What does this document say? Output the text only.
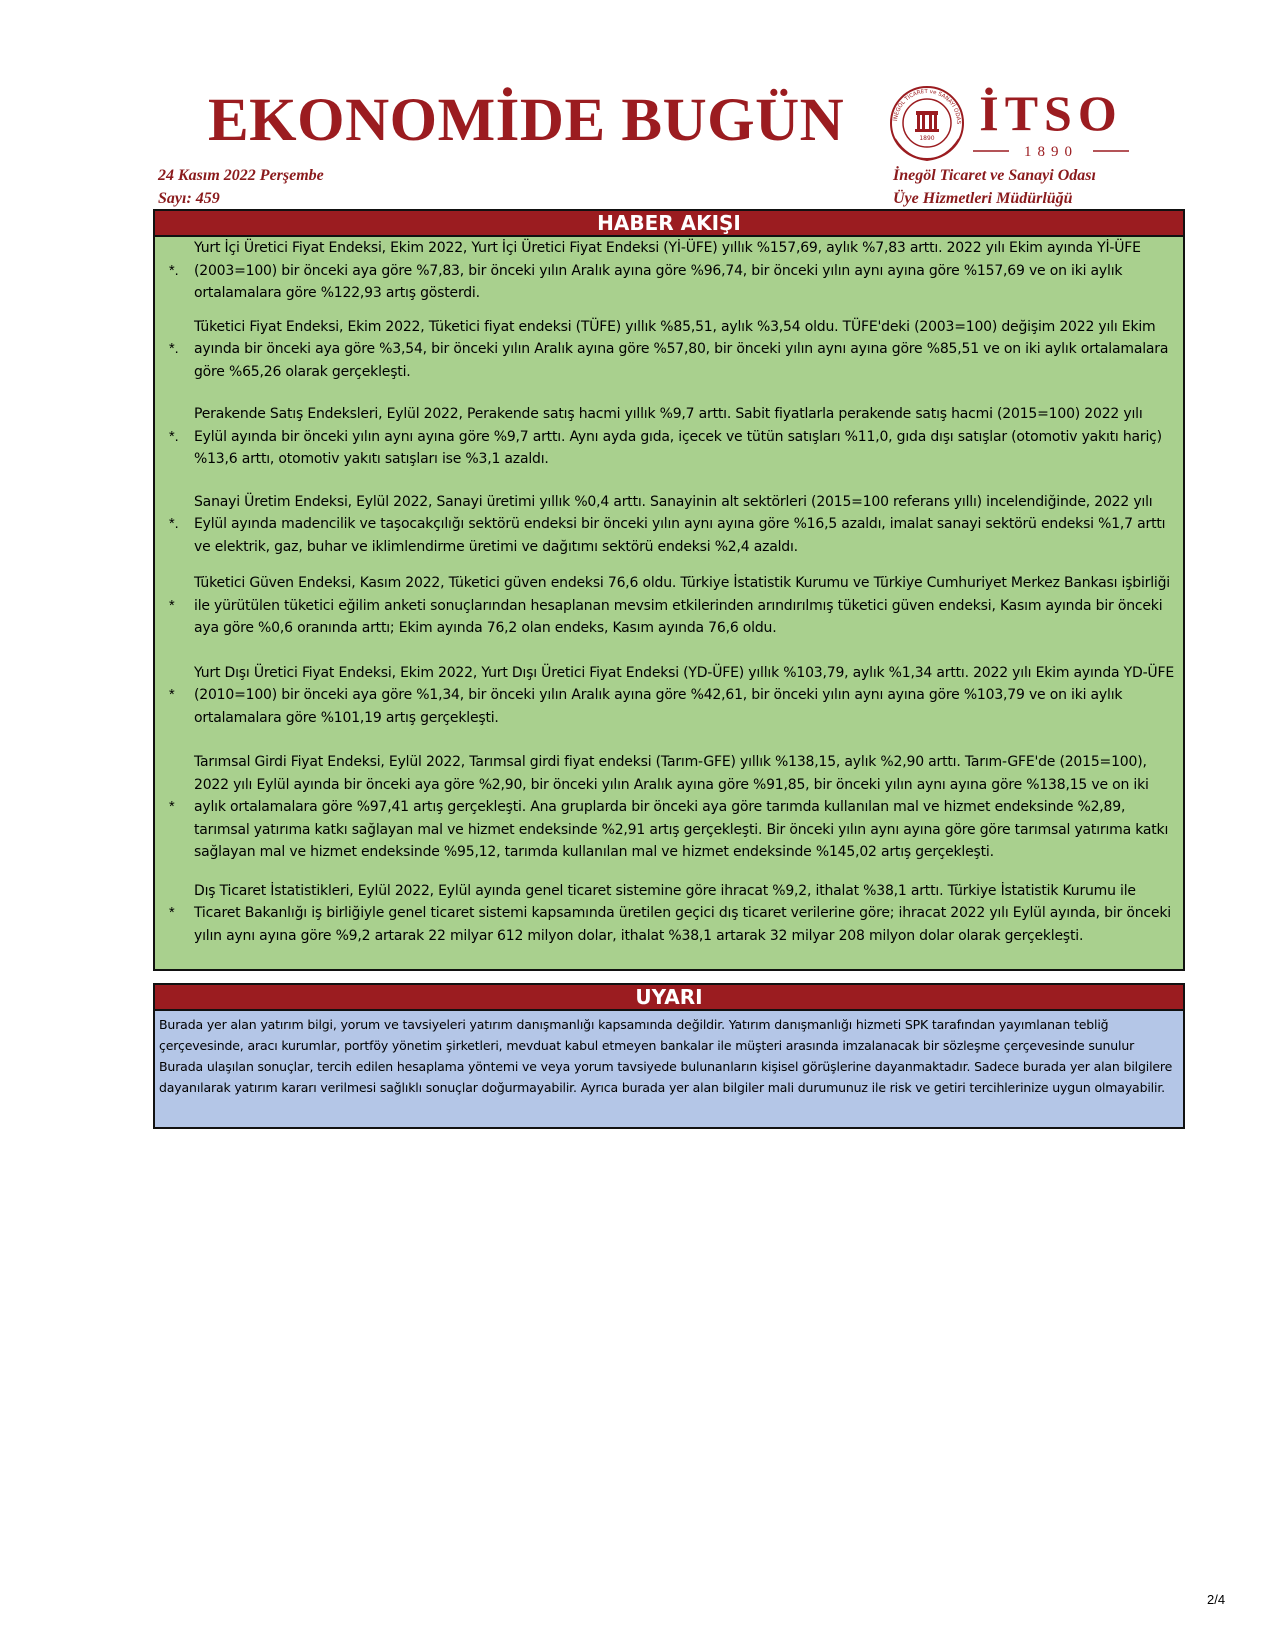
EKONOMİDE BUGÜN	İNEGÖL TİCARET ve SANAYİ ODAS
1890 İTSO
1890
24 Kasım 2022 Perşembe
Sayı: 459
İnegöl Ticaret ve Sanayi Odası
Üye Hizmetleri Müdürlüğü
HABER AKIŞI
*.
Yurt İçi Üretici Fiyat Endeksi, Ekim 2022, Yurt İçi Üretici Fiyat Endeksi (Yİ-ÜFE) yıllık %157,69, aylık %7,83 arttı. 2022 yılı Ekim ayında Yİ-ÜFE (2003=100) bir önceki aya göre %7,83, bir önceki yılın Aralık ayına göre %96,74, bir önceki yılın aynı ayına göre %157,69 ve on iki aylık ortalamalara göre %122,93 artış gösterdi.
*.
Tüketici Fiyat Endeksi, Ekim 2022, Tüketici fiyat endeksi (TÜFE) yıllık %85,51, aylık %3,54 oldu. TÜFE'deki (2003=100) değişim 2022 yılı Ekim ayında bir önceki aya göre %3,54, bir önceki yılın Aralık ayına göre %57,80, bir önceki yılın aynı ayına göre %85,51 ve on iki aylık ortalamalara göre %65,26 olarak gerçekleşti.
*.
Perakende Satış Endeksleri, Eylül 2022, Perakende satış hacmi yıllık %9,7 arttı. Sabit fiyatlarla perakende satış hacmi (2015=100) 2022 yılı Eylül ayında bir önceki yılın aynı ayına göre %9,7 arttı. Aynı ayda gıda, içecek ve tütün satışları %11,0, gıda dışı satışlar (otomotiv yakıtı hariç) %13,6 arttı, otomotiv yakıtı satışları ise %3,1 azaldı.
*.
Sanayi Üretim Endeksi, Eylül 2022, Sanayi üretimi yıllık %0,4 arttı. Sanayinin alt sektörleri (2015=100 referans yıllı) incelendiğinde, 2022 yılı Eylül ayında madencilik ve taşocakçılığı sektörü endeksi bir önceki yılın aynı ayına göre %16,5 azaldı, imalat sanayi sektörü endeksi %1,7 arttı ve elektrik, gaz, buhar ve iklimlendirme üretimi ve dağıtımı sektörü endeksi %2,4 azaldı.
*
Tüketici Güven Endeksi, Kasım 2022, Tüketici güven endeksi 76,6 oldu. Türkiye İstatistik Kurumu ve Türkiye Cumhuriyet Merkez Bankası işbirliği ile yürütülen tüketici eğilim anketi sonuçlarından hesaplanan mevsim etkilerinden arındırılmış tüketici güven endeksi, Kasım ayında bir önceki aya göre %0,6 oranında arttı; Ekim ayında 76,2 olan endeks, Kasım ayında 76,6 oldu.
*
Yurt Dışı Üretici Fiyat Endeksi, Ekim 2022, Yurt Dışı Üretici Fiyat Endeksi (YD-ÜFE) yıllık %103,79, aylık %1,34 arttı. 2022 yılı Ekim ayında YD-ÜFE (2010=100) bir önceki aya göre %1,34, bir önceki yılın Aralık ayına göre %42,61, bir önceki yılın aynı ayına göre %103,79 ve on iki aylık ortalamalara göre %101,19 artış gerçekleşti.
*
Tarımsal Girdi Fiyat Endeksi, Eylül 2022, Tarımsal girdi fiyat endeksi (Tarım-GFE) yıllık %138,15, aylık %2,90 arttı. Tarım-GFE'de (2015=100), 2022 yılı Eylül ayında bir önceki aya göre %2,90, bir önceki yılın Aralık ayına göre %91,85, bir önceki yılın aynı ayına göre %138,15 ve on iki aylık ortalamalara göre %97,41 artış gerçekleşti. Ana gruplarda bir önceki aya göre tarımda kullanılan mal ve hizmet endeksinde %2,89, tarımsal yatırıma katkı sağlayan mal ve hizmet endeksinde %2,91 artış gerçekleşti. Bir önceki yılın aynı ayına göre göre tarımsal yatırıma katkı sağlayan mal ve hizmet endeksinde %95,12, tarımda kullanılan mal ve hizmet endeksinde %145,02 artış gerçekleşti.
*
Dış Ticaret İstatistikleri, Eylül 2022, Eylül ayında genel ticaret sistemine göre ihracat %9,2, ithalat %38,1 arttı. Türkiye İstatistik Kurumu ile Ticaret Bakanlığı iş birliğiyle genel ticaret sistemi kapsamında üretilen geçici dış ticaret verilerine göre; ihracat 2022 yılı Eylül ayında, bir önceki yılın aynı ayına göre %9,2 artarak 22 milyar 612 milyon dolar, ithalat %38,1 artarak 32 milyar 208 milyon dolar olarak gerçekleşti.
UYARI
Burada yer alan yatırım bilgi, yorum ve tavsiyeleri yatırım danışmanlığı kapsamında değildir. Yatırım danışmanlığı hizmeti SPK tarafından yayımlanan tebliğ çerçevesinde, aracı kurumlar, portföy yönetim şirketleri, mevduat kabul etmeyen bankalar ile müşteri arasında imzalanacak bir sözleşme çerçevesinde sunulur Burada ulaşılan sonuçlar, tercih edilen hesaplama yöntemi ve veya yorum tavsiyede bulunanların kişisel görüşlerine dayanmaktadır. Sadece burada yer alan bilgilere dayanılarak yatırım kararı verilmesi sağlıklı sonuçlar doğurmayabilir. Ayrıca burada yer alan bilgiler mali durumunuz ile risk ve getiri tercihlerinize uygun olmayabilir.
2/4
